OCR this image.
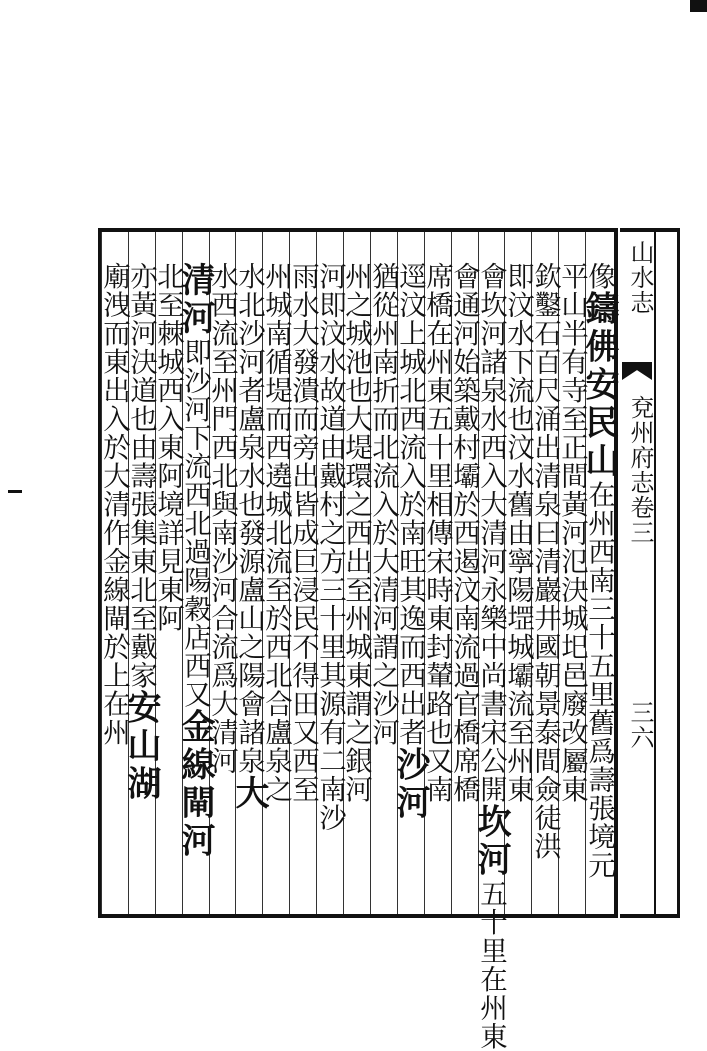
山水志
兗州府志卷三
三六
像鑄佛安民山在州西南三十五里舊爲壽張境元
平山半有寺至正間黃河氾決城圯邑廢改屬東
欽鑿石百尺涌出清泉曰清巖井國朝景泰間僉徒洪
即汶水下流也汶水舊由寧陽堽城壩流至州東
會坎河諸泉水西入大清河永樂中尚書宋公開坎河五十里在州東
會通河始築戴村壩於西遏汶南流過官橋席橋
席橋在州東五十里相傳宋時東封輦路也又南
逕汶上城北西流入於南旺其逸而西出者沙河
猶從州南折而北流入於大清河謂之沙河
州之城池也大堤環之西出至州城東謂之銀河
河即汶水故道由戴村之方三十里其源有二南沙
雨水大發潰而旁出皆成巨浸民不得田又西至
州城南循堤而西遶城北流至於西北合盧泉之
水北沙河者盧泉水也發源盧山之陽會諸泉大
水西流至州門西北與南沙河合流爲大清河
清河即沙河下流西北過陽穀店西又金線閘河
北至棘城西入東阿境詳見東阿
亦黃河決道也由壽張集東北至戴家安山湖
廟洩而東出入於大清作金線閘於上在州
